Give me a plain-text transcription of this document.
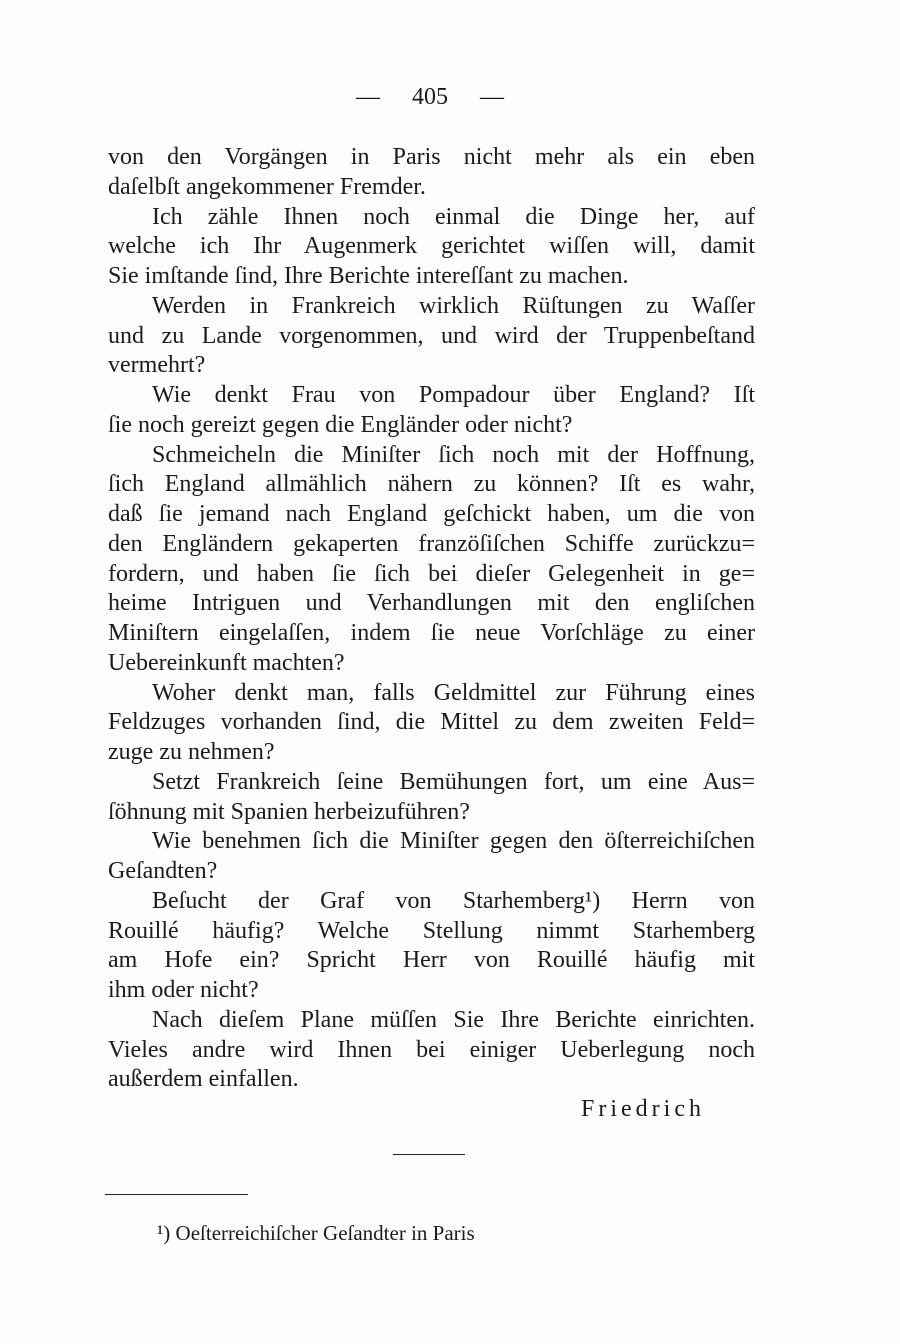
— 405 —
von den Vorgängen in Paris nicht mehr als ein eben
daſelbſt angekommener Fremder.
Ich zähle Ihnen noch einmal die Dinge her, auf
welche ich Ihr Augenmerk gerichtet wiſſen will, damit
Sie imſtande ſind, Ihre Berichte intereſſant zu machen.
Werden in Frankreich wirklich Rüſtungen zu Waſſer
und zu Lande vorgenommen, und wird der Truppenbeſtand
vermehrt?
Wie denkt Frau von Pompadour über England? Iſt
ſie noch gereizt gegen die Engländer oder nicht?
Schmeicheln die Miniſter ſich noch mit der Hoffnung,
ſich England allmählich nähern zu können? Iſt es wahr,
daß ſie jemand nach England geſchickt haben, um die von
den Engländern gekaperten franzöſiſchen Schiffe zurückzu=
fordern, und haben ſie ſich bei dieſer Gelegenheit in ge=
heime Intriguen und Verhandlungen mit den engliſchen
Miniſtern eingelaſſen, indem ſie neue Vorſchläge zu einer
Uebereinkunft machten?
Woher denkt man, falls Geldmittel zur Führung eines
Feldzuges vorhanden ſind, die Mittel zu dem zweiten Feld=
zuge zu nehmen?
Setzt Frankreich ſeine Bemühungen fort, um eine Aus=
ſöhnung mit Spanien herbeizuführen?
Wie benehmen ſich die Miniſter gegen den öſterreichiſchen
Geſandten?
Beſucht der Graf von Starhemberg¹) Herrn von
Rouillé häufig? Welche Stellung nimmt Starhemberg
am Hofe ein? Spricht Herr von Rouillé häufig mit
ihm oder nicht?
Nach dieſem Plane müſſen Sie Ihre Berichte einrichten.
Vieles andre wird Ihnen bei einiger Ueberlegung noch
außerdem einfallen.
Friedrich
¹) Oeſterreichiſcher Geſandter in Paris
